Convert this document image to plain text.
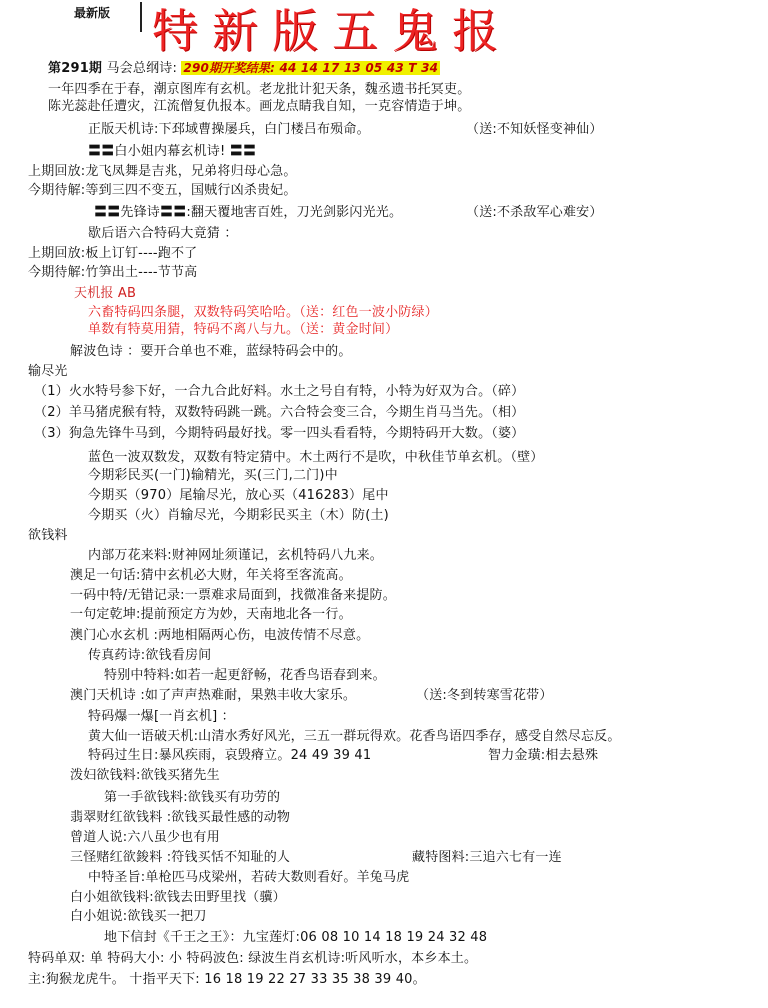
最新版 特新版五鬼报
第291期 马会总纲诗: 290期开奖结果: 44 14 17 13 05 43 T 34
一年四季在于春，潮京图库有玄机。老龙批计犯天条，魏丞遗书托冥吏。
陈光蕊赴任遭灾，江流僧复仇报本。画龙点睛我自知，一克容情造于坤。
正版天机诗:下邳域曹操屡兵，白门楼吕布殒命。	（送:不知妖怪变神仙）
〓〓白小姐内幕玄机诗! 〓〓
上期回放:龙飞凤舞是吉兆，兄弟将归母心急。
今期待解:等到三四不变五，国贼行凶杀贵妃。
〓〓先锋诗〓〓:翻天覆地害百姓，刀光剑影闪光光。	（送:不杀敌军心难安）
歇后语六合特码大竟猜 ：
上期回放:板上订钉----跑不了
今期待解:竹笋出土----节节高
天机报 AB
六畜特码四条腿，双数特码笑哈哈。（送：红色一波小防绿）
单数有特莫用猜，特码不离八与九。（送：黄金时间）
解波色诗 ：要开合单也不难，蓝绿特码会中的。
输尽光
（1）火水特号参下好，一合九合此好料。水土之号自有特，小特为好双为合。（碎）
（2）羊马猪虎猴有特，双数特码跳一跳。六合特会变三合，今期生肖马当先。（相）
（3）狗急先锋牛马到，今期特码最好找。零一四头看看特，今期特码开大数。（婆）
蓝色一波双数发，双数有特定猜中。木土两行不是吹，中秋佳节单玄机。（壁）
今期彩民买(一门)输精光，买(三门,二门)中
今期买（970）尾输尽光，放心买（416283）尾中
今期买（火）肖输尽光，今期彩民买主（木）防(土)
欲钱料
内部万花来料:财神网址须谨记，玄机特码八九来。
澳足一句话:猜中玄机必大财，年关将至客流高。
一码中特/无错记录:一票难求局面到，找微准备来提防。
一句定乾坤:提前预定方为妙，天南地北各一行。
澳门心水玄机 :两地相隔两心伤，电波传情不尽意。
传真药诗:欲钱看房间
特别中特料:如若一起更舒畅，花香鸟语春到来。
澳门天机诗 :如了声声热难耐，果熟丰收大家乐。	（送:冬到转寒雪花带）
特码爆一爆[一肖玄机] ：
黄大仙一语破天机:山清水秀好风光，三五一群玩得欢。花香鸟语四季存，感受自然尽忘反。
特码过生日:暴风疾雨，哀毁瘠立。24 49 39 41	智力金璜:相去悬殊
泼妇欲钱料:欲钱买猪先生
第一手欲钱料:欲钱买有功劳的
翡翠财红欲钱料 :欲钱买最性感的动物
曾道人说:六八虽少也有用
三怪赌红欲鋑料 :符钱买恬不知耻的人	藏特图料:三追六七有一连
中特圣旨:单枪匹马戍梁州，若砖大数则看好。羊兔马虎
白小姐欲钱料:欲钱去田野里找（骥）
白小姐说:欲钱买一把刀
地下信封《千王之王》：九宝莲灯:06 08 10 14 18 19 24 32 48
特码单双: 单 特码大小: 小 特码波色: 绿波生肖玄机诗:听风听水，本乡本土。
主:狗猴龙虎牛。 十指平天下: 16 18 19 22 27 33 35 38 39 40。
